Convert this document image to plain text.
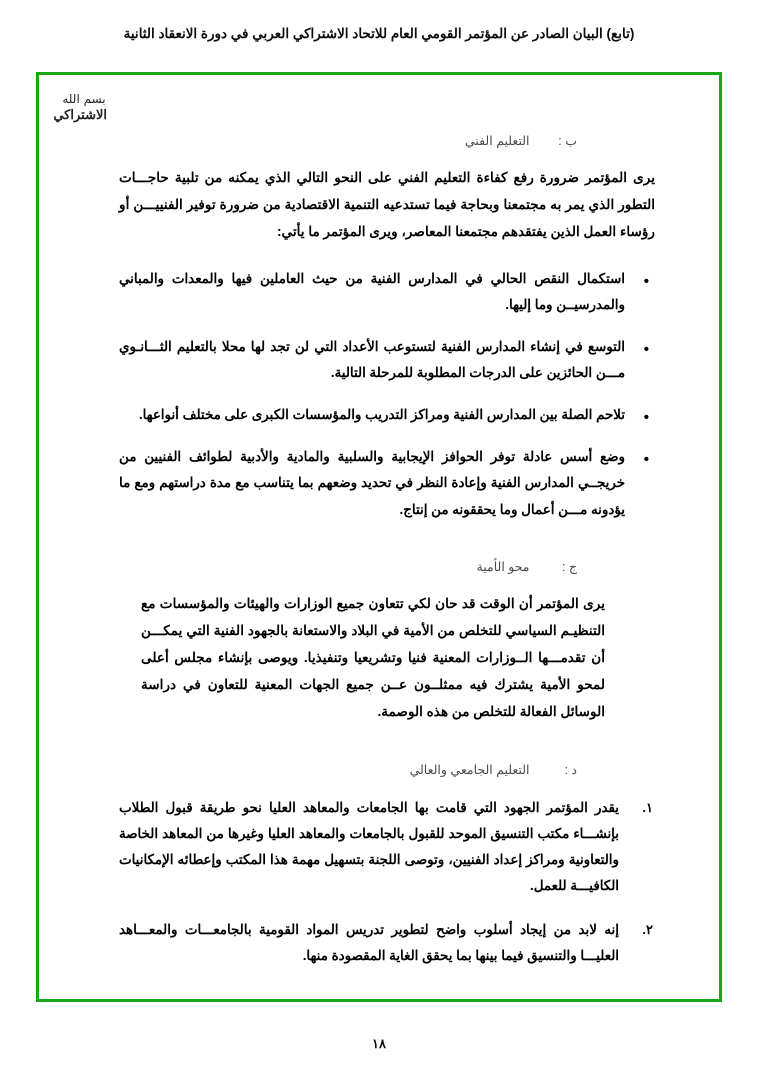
(تابع) البيان الصادر عن المؤتمر القومي العام للاتحاد الاشتراكي العربي في دورة الانعقاد الثانية
بسم الله
الاشتراكي
ب : التعليم الفني

يرى المؤتمر ضرورة رفع كفاءة التعليم الفني على النحو التالي الذي يمكنه من تلبية حاجـــات التطور الذي يمر به مجتمعنا وبحاجة فيما تستدعيه التنمية الاقتصادية من ضرورة توفير الفنييـــن أو رؤساء العمل الذين يفتقدهم مجتمعنا المعاصر، ويرى المؤتمر ما يأتي:

• استكمال النقص الحالي في المدارس الفنية من حيث العاملين فيها والمعدات والمباني والمدرسيــن وما إليها.
• التوسع في إنشاء المدارس الفنية لتستوعب الأعداد التي لن تجد لها محلا بالتعليم الثـــانـوي مـــن الحائزين على الدرجات المطلوبة للمرحلة التالية.
• تلاحم الصلة بين المدارس الفنية ومراكز التدريب والمؤسسات الكبرى على مختلف أنواعها.
• وضع أسس عادلة توفر الحوافز الإيجابية والسلبية والمادية والأدبية لطوائف الفنيين من خريجــي المدارس الفنية وإعادة النظر في تحديد وضعهم بما يتناسب مع مدة دراستهم ومع ما يؤدونه مـــن أعمال وما يحققونه من إنتاج.
ج : محو الأمية

يرى المؤتمر أن الوقت قد حان لكي تتعاون جميع الوزارات والهيئات والمؤسسات مع التنظيـم السياسي للتخلص من الأمية في البلاد والاستعانة بالجهود الفنية التي يمكـــن أن تقدمـــها الــوزارات المعنية فنيا وتشريعيا وتنفيذيا. ويوصى بإنشاء مجلس أعلى لمحو الأمية يشترك فيه ممثلــون عــن جميع الجهات المعنية للتعاون في دراسة الوسائل الفعالة للتخلص من هذه الوصمة.

د : التعليم الجامعي والعالي
١.
يقدر المؤتمر الجهود التي قامت بها الجامعات والمعاهد العليا نحو طريقة قبول الطلاب بإنشـــاء مكتب التنسيق الموحد للقبول بالجامعات والمعاهد العليا وغيرها من المعاهد الخاصة والتعاونية ومراكز إعداد الفنيين، وتوصى اللجنة بتسهيل مهمة هذا المكتب وإعطائه الإمكانيات الكافيـــة للعمل.
٢.
إنه لابد من إيجاد أسلوب واضح لتطوير تدريس المواد القومية بالجامعـــات والمعـــاهد العليـــا والتنسيق فيما بينها بما يحقق الغاية المقصودة منها.
١٨
